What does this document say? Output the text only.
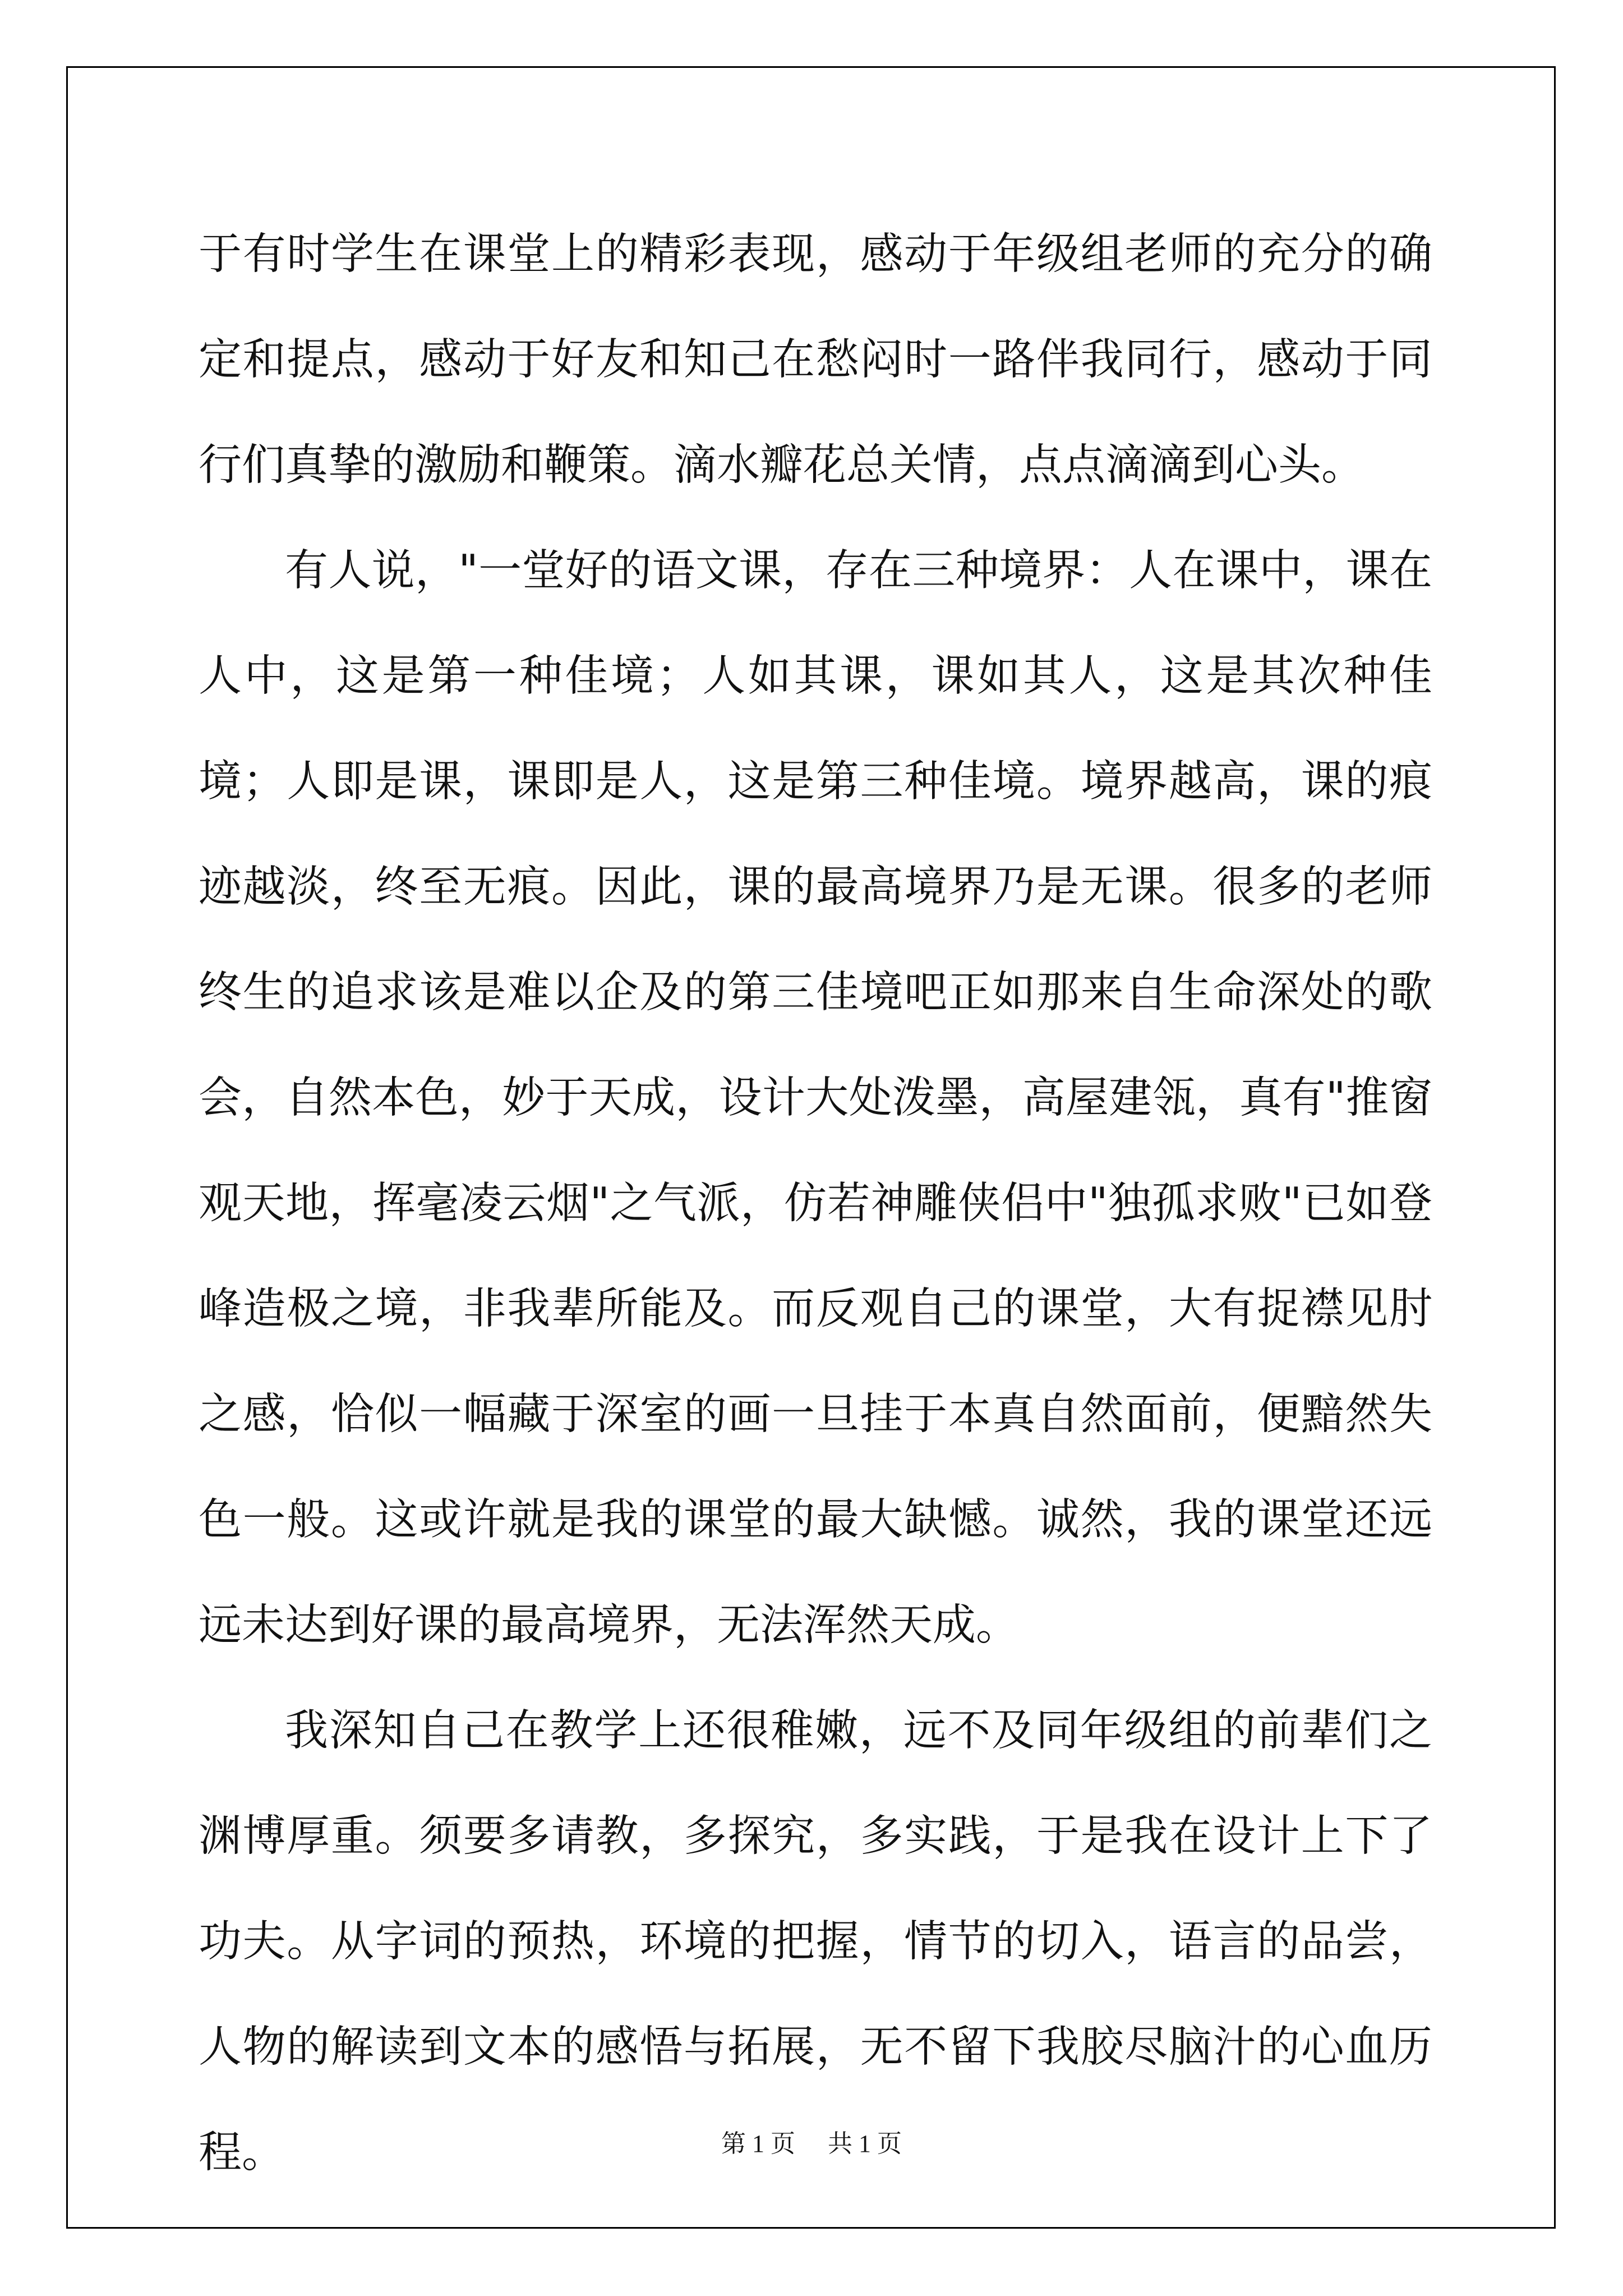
于有时学生在课堂上的精彩表现，感动于年级组老师的充分的确定和提点，感动于好友和知己在愁闷时一路伴我同行，感动于同行们真挚的激励和鞭策。滴水瓣花总关情，点点滴滴到心头。

有人说，"一堂好的语文课，存在三种境界：人在课中，课在人中，这是第一种佳境；人如其课，课如其人，这是其次种佳境；人即是课，课即是人，这是第三种佳境。境界越高，课的痕迹越淡，终至无痕。因此，课的最高境界乃是无课。很多的老师终生的追求该是难以企及的第三佳境吧正如那来自生命深处的歌会，自然本色，妙于天成，设计大处泼墨，高屋建瓴，真有"推窗观天地，挥毫凌云烟"之气派，仿若神雕侠侣中"独孤求败"已如登峰造极之境，非我辈所能及。而反观自己的课堂，大有捉襟见肘之感，恰似一幅藏于深室的画一旦挂于本真自然面前，便黯然失色一般。这或许就是我的课堂的最大缺憾。诚然，我的课堂还远远未达到好课的最高境界，无法浑然天成。

我深知自己在教学上还很稚嫩，远不及同年级组的前辈们之渊博厚重。须要多请教，多探究，多实践，于是我在设计上下了功夫。从字词的预热，环境的把握，情节的切入，语言的品尝，人物的解读到文本的感悟与拓展，无不留下我胶尽脑汁的心血历程。	第 1 页 共 1 页
